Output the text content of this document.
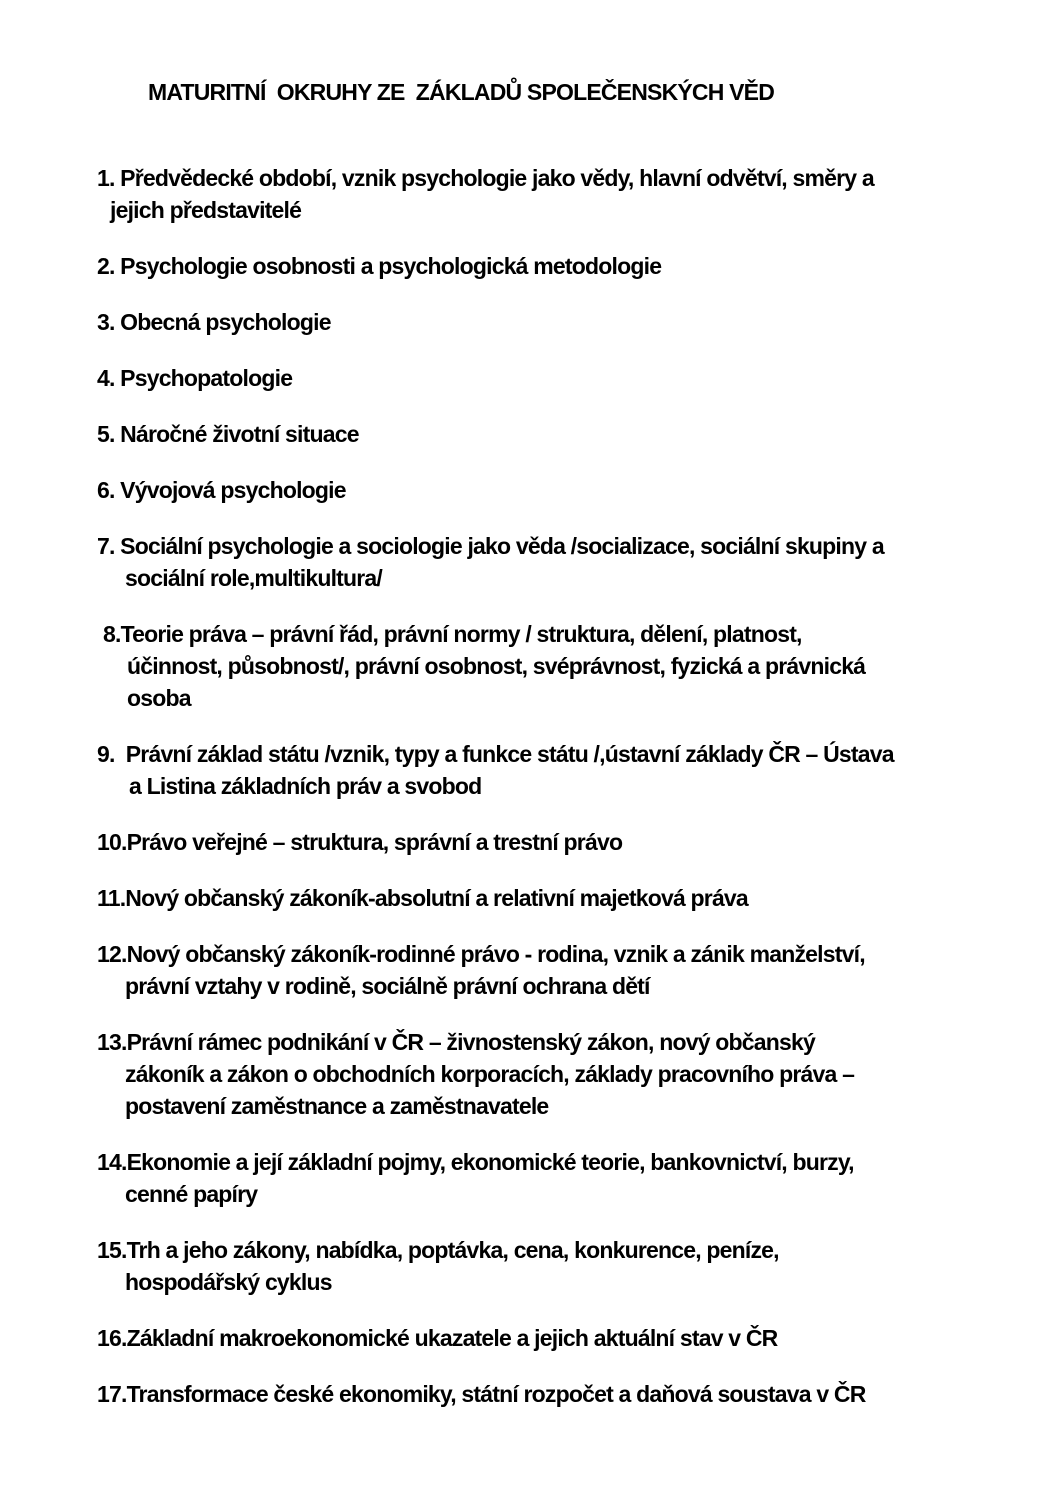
MATURITNÍ  OKRUHY ZE  ZÁKLADŮ SPOLEČENSKÝCH VĚD

1. Předvědecké období, vznik psychologie jako vědy, hlavní odvětví, směry a
jejich představitelé

2. Psychologie osobnosti a psychologická metodologie

3. Obecná psychologie

4. Psychopatologie

5. Náročné životní situace

6. Vývojová psychologie

7. Sociální psychologie a sociologie jako věda /socializace, sociální skupiny a
sociální role,multikultura/

8.Teorie práva – právní řád, právní normy / struktura, dělení, platnost,
účinnost, působnost/, právní osobnost, svéprávnost, fyzická a právnická
osoba

9.  Právní základ státu /vznik, typy a funkce státu /,ústavní základy ČR – Ústava
a Listina základních práv a svobod

10.Právo veřejné – struktura, správní a trestní právo

11.Nový občanský zákoník-absolutní a relativní majetková práva

12.Nový občanský zákoník-rodinné právo - rodina, vznik a zánik manželství,
právní vztahy v rodině, sociálně právní ochrana dětí

13.Právní rámec podnikání v ČR – živnostenský zákon, nový občanský
zákoník a zákon o obchodních korporacích, základy pracovního práva –
postavení zaměstnance a zaměstnavatele

14.Ekonomie a její základní pojmy, ekonomické teorie, bankovnictví, burzy,
cenné papíry

15.Trh a jeho zákony, nabídka, poptávka, cena, konkurence, peníze,
hospodářský cyklus

16.Základní makroekonomické ukazatele a jejich aktuální stav v ČR

17.Transformace české ekonomiky, státní rozpočet a daňová soustava v ČR
